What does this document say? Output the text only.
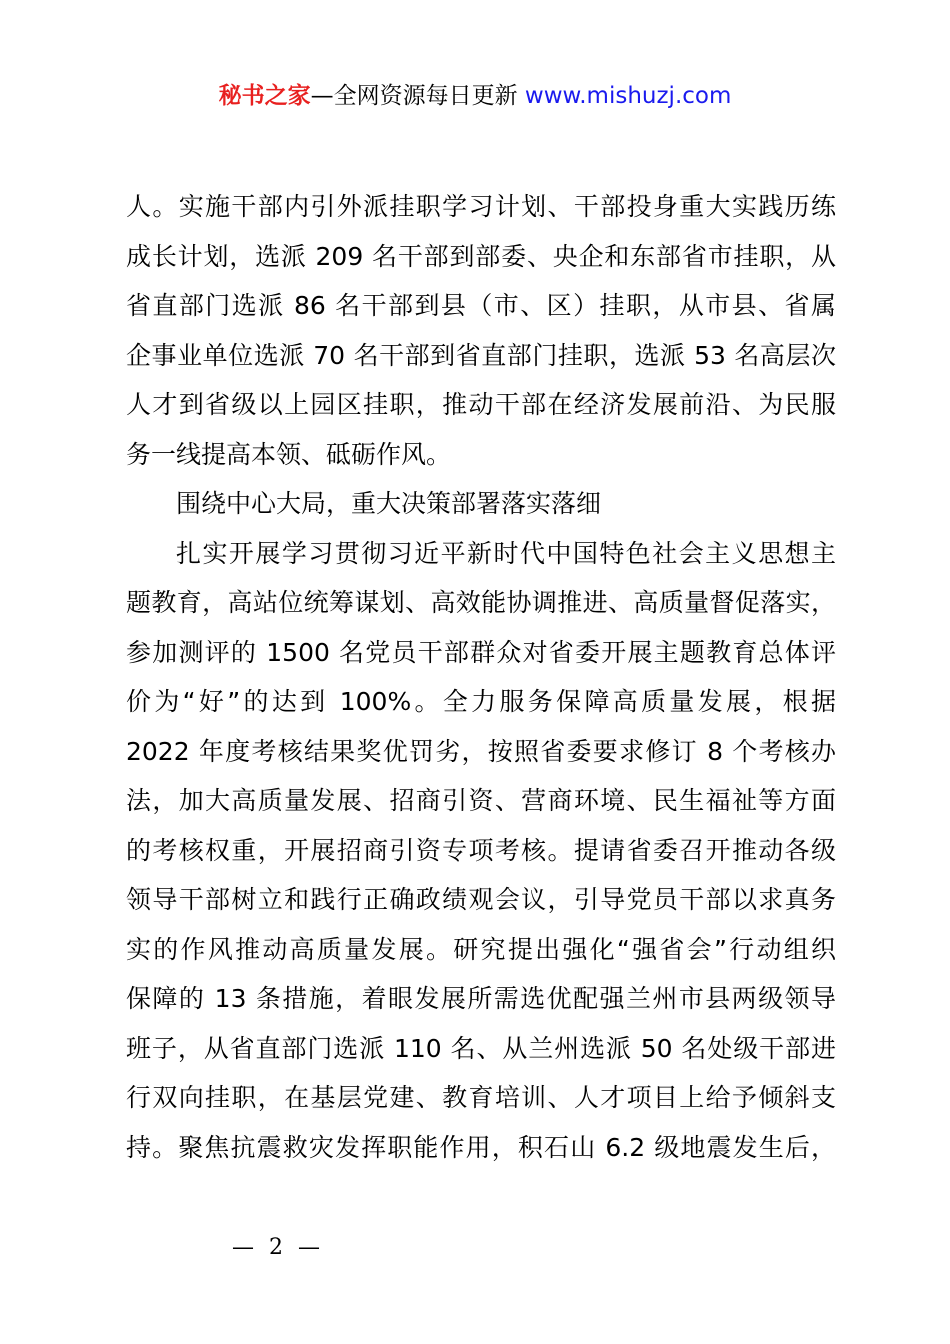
秘书之家—全网资源每日更新 www.mishuzj.com
人。实施干部内引外派挂职学习计划、干部投身重大实践历练
成长计划，选派 209 名干部到部委、央企和东部省市挂职，从
省直部门选派 86 名干部到县（市、区）挂职，从市县、省属
企事业单位选派 70 名干部到省直部门挂职，选派 53 名高层次
人才到省级以上园区挂职，推动干部在经济发展前沿、为民服
务一线提高本领、砥砺作风。
围绕中心大局，重大决策部署落实落细
扎实开展学习贯彻习近平新时代中国特色社会主义思想主
题教育，高站位统筹谋划、高效能协调推进、高质量督促落实，
参加测评的 1500 名党员干部群众对省委开展主题教育总体评
价为“好”的达到 100%。全力服务保障高质量发展，根据
2022 年度考核结果奖优罚劣，按照省委要求修订 8 个考核办
法，加大高质量发展、招商引资、营商环境、民生福祉等方面
的考核权重，开展招商引资专项考核。提请省委召开推动各级
领导干部树立和践行正确政绩观会议，引导党员干部以求真务
实的作风推动高质量发展。研究提出强化“强省会”行动组织
保障的 13 条措施，着眼发展所需选优配强兰州市县两级领导
班子，从省直部门选派 110 名、从兰州选派 50 名处级干部进
行双向挂职，在基层党建、教育培训、人才项目上给予倾斜支
持。聚焦抗震救灾发挥职能作用，积石山 6.2 级地震发生后，
— 2 —
